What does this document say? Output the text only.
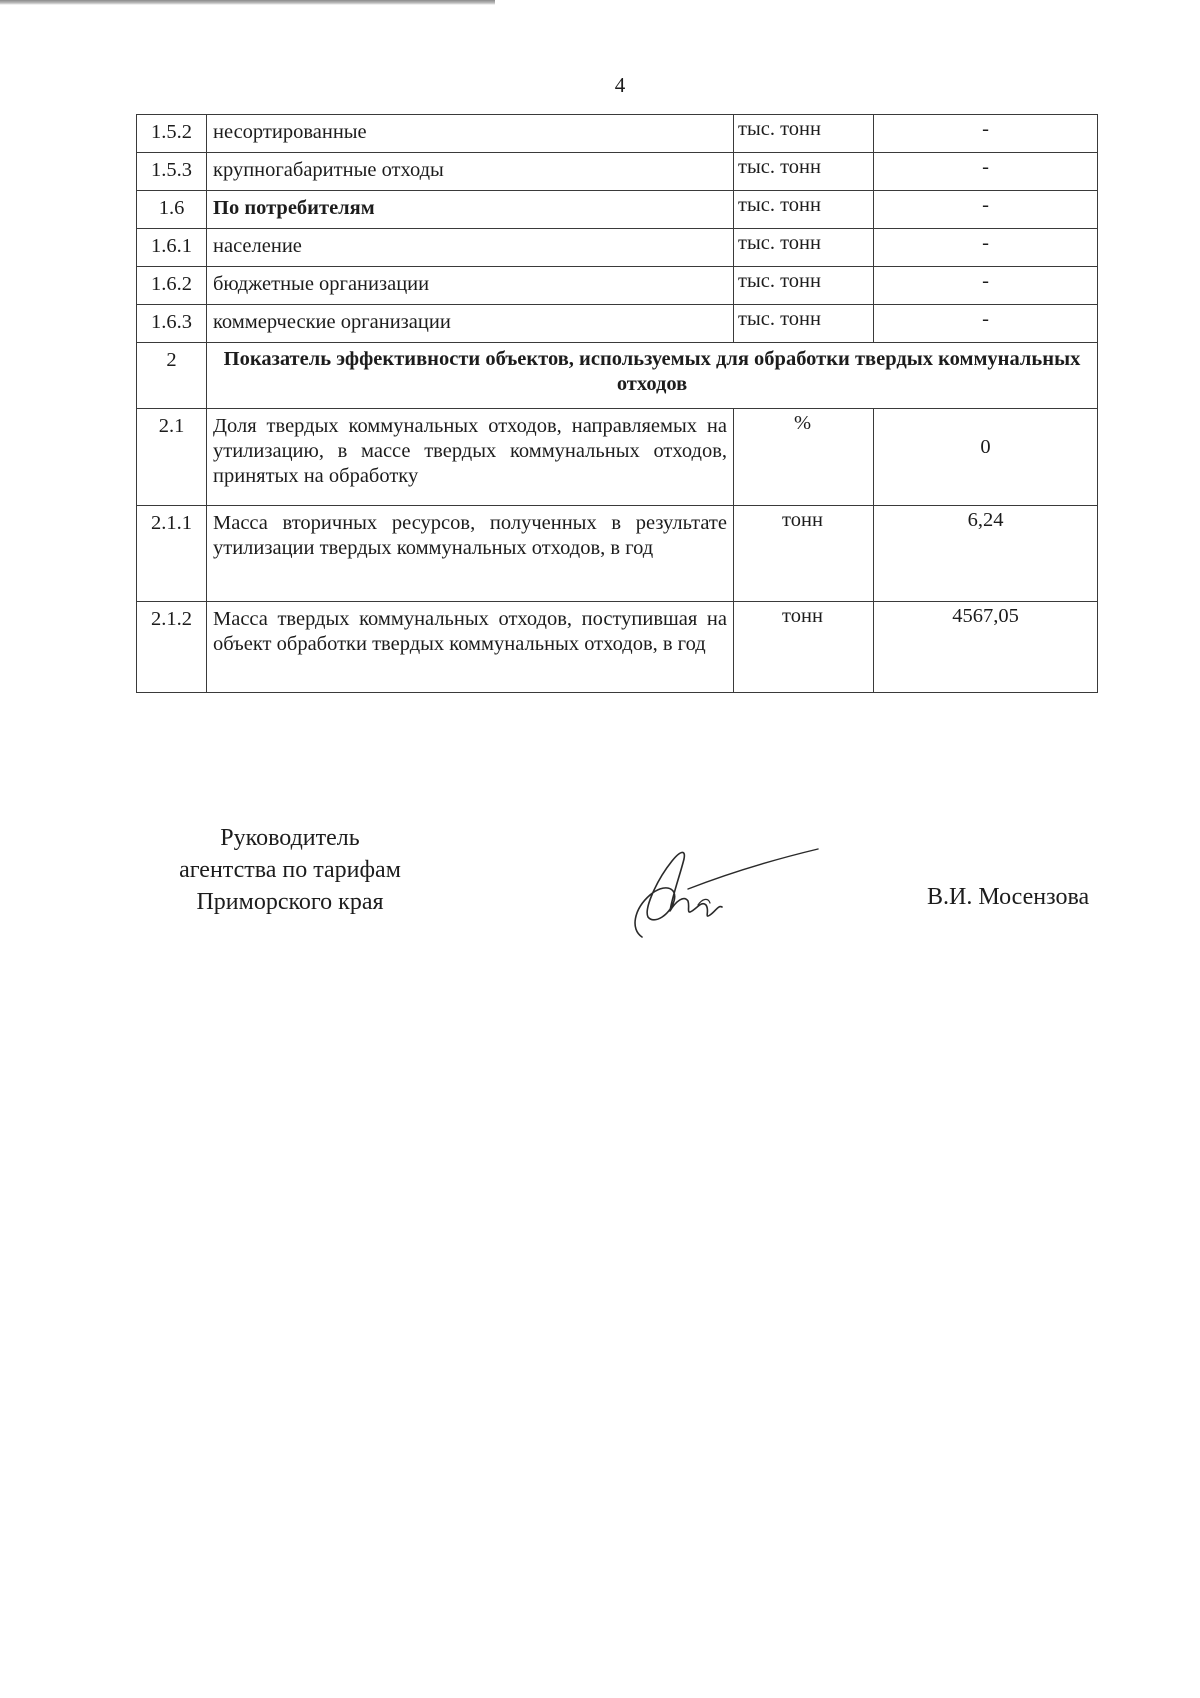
4
1.5.2	несортированные	тыс. тонн	-
1.5.3	крупногабаритные отходы	тыс. тонн	-
1.6	По потребителям	тыс. тонн	-
1.6.1	население	тыс. тонн	-
1.6.2	бюджетные организации	тыс. тонн	-
1.6.3	коммерческие организации	тыс. тонн	-
2	Показатель эффективности объектов, используемых для обработки твердых коммунальных отходов		
2.1	Доля твердых коммунальных отходов, направляемых на утилизацию, в массе твердых коммунальных отходов, принятых на обработку	%	0
2.1.1	Масса вторичных ресурсов, полученных в результате утилизации твердых коммунальных отходов, в год	тонн	6,24
2.1.2	Масса твердых коммунальных отходов, поступившая на объект обработки твердых коммунальных отходов, в год	тонн	4567,05
Руководитель
агентства по тарифам
Приморского края	В.И. Мосензова
